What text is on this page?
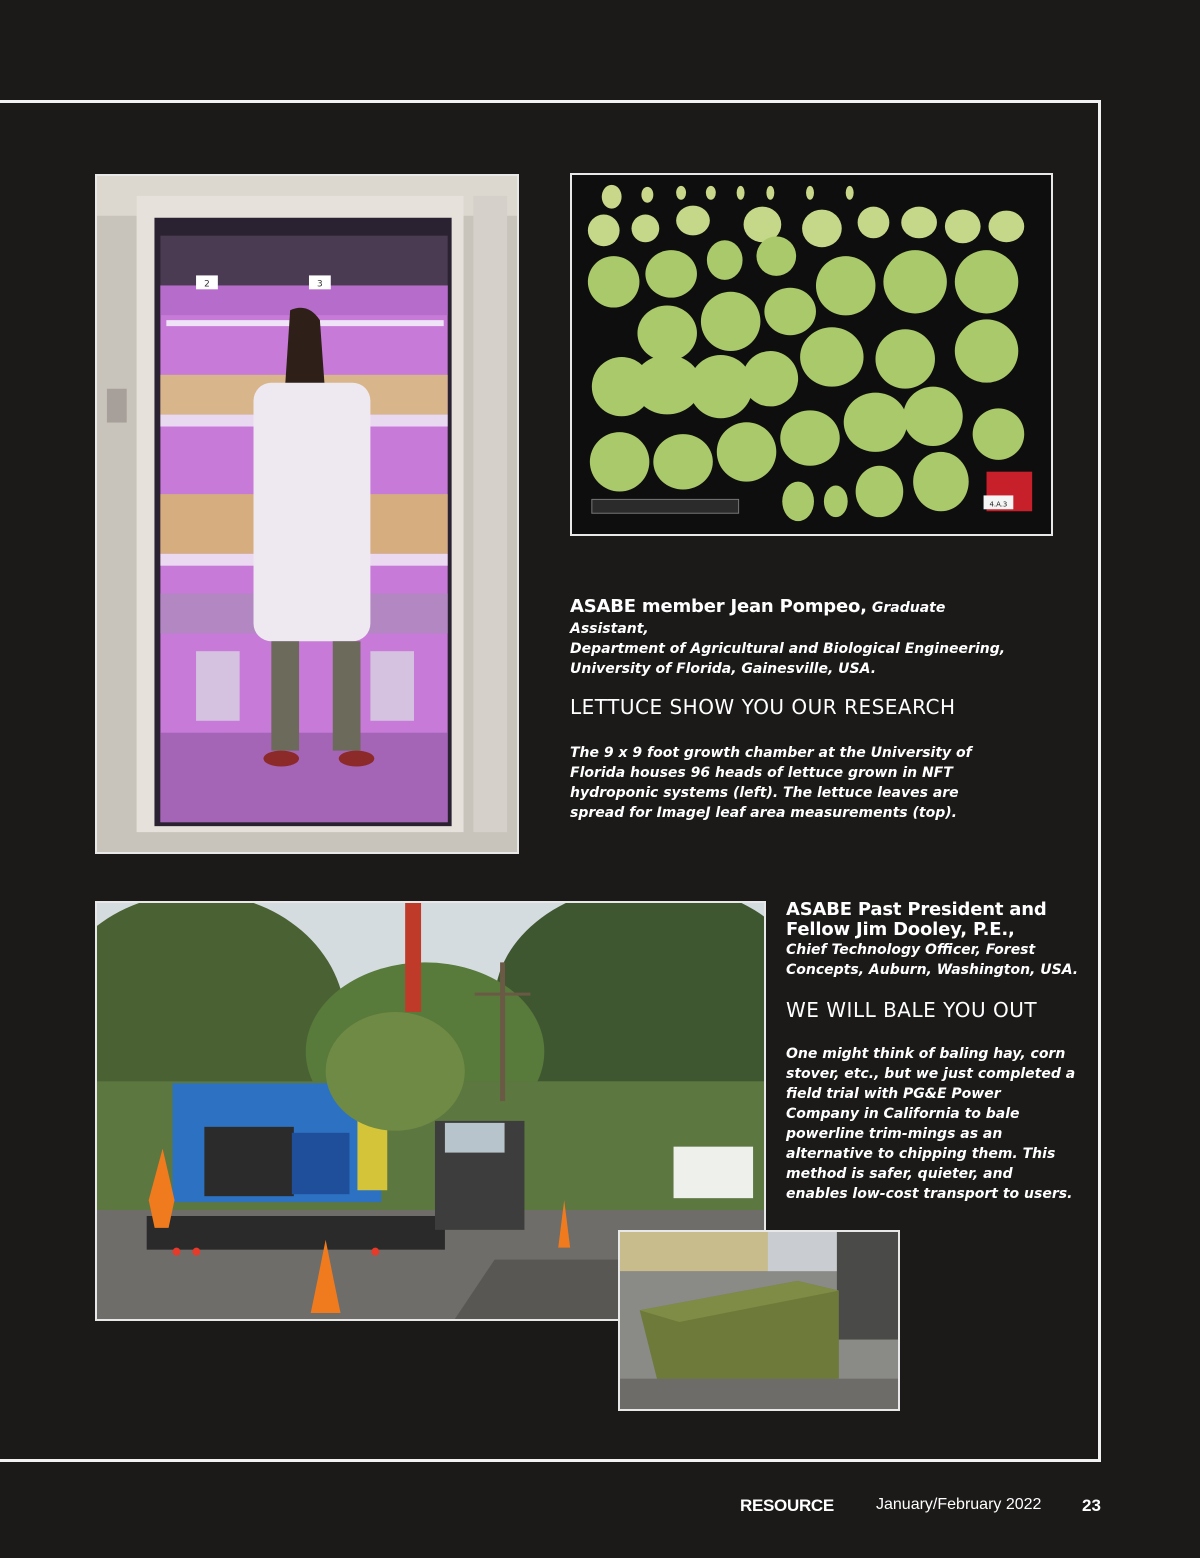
2	3
4.A.3
ASABE member Jean Pompeo, Graduate Assistant,
Department of Agricultural and Biological Engineering, University of Florida, Gainesville, USA.
LETTUCE SHOW YOU OUR RESEARCH
The 9 x 9 foot growth chamber at the University of Florida houses 96 heads of lettuce grown in NFT hydroponic systems (left). The lettuce leaves are spread for ImageJ leaf area measurements (top).
ASABE Past President and Fellow Jim Dooley, P.E.,
Chief Technology Officer, Forest Concepts, Auburn, Washington, USA.
WE WILL BALE YOU OUT
One might think of baling hay, corn stover, etc., but we just completed a field trial with PG&E Power Company in California to bale powerline trim-mings as an alternative to chipping them. This method is safer, quieter, and enables low-cost transport to users.
RESOURCE	January/February 2022 23
